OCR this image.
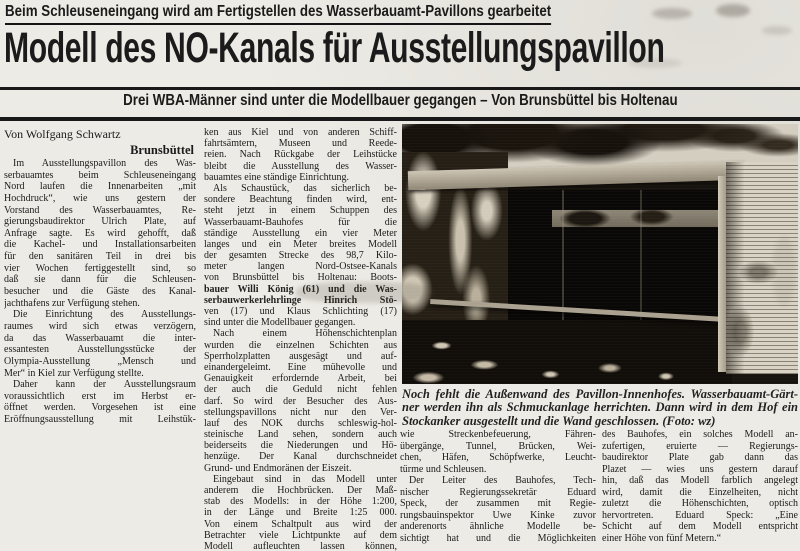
Beim Schleuseneingang wird am Fertigstellen des Wasserbauamt-Pavillons gearbeitet
Modell des NO-Kanals für Ausstellungspavillon
Drei WBA-Männer sind unter die Modellbauer gegangen – Von Brunsbüttel bis Holtenau
Von Wolfgang Schwartz
Brunsbüttel
Im Ausstellungspavillon des Was-
serbauamtes beim Schleuseneingang
Nord laufen die Innenarbeiten „mit
Hochdruck“, wie uns gestern der
Vorstand des Wasserbauamtes, Re-
gierungsbaudirektor Ulrich Plate, auf
Anfrage sagte. Es wird gehofft, daß
die Kachel- und Installationsarbeiten
für den sanitären Teil in drei bis
vier Wochen fertiggestellt sind, so
daß sie dann für die Schleusen-
besucher und die Gäste des Kanal-
jachthafens zur Verfügung stehen.
Die Einrichtung des Ausstellungs-
raumes wird sich etwas verzögern,
da das Wasserbauamt die inter-
essantesten Ausstellungsstücke der
Olympia-Ausstellung „Mensch und
Mer“ in Kiel zur Verfügung stellte.
Daher kann der Ausstellungsraum
voraussichtlich erst im Herbst er-
öffnet werden. Vorgesehen ist eine
Eröffnungsausstellung mit Leihstük-
ken aus Kiel und von anderen Schiff-
fahrtsämtern, Museen und Reede-
reien. Nach Rückgabe der Leihstücke
bleibt die Ausstellung des Wasser-
bauamtes eine ständige Einrichtung.
Als Schaustück, das sicherlich be-
sondere Beachtung finden wird, ent-
steht jetzt in einem Schuppen des
Wasserbauamt-Bauhofes für die
ständige Ausstellung ein vier Meter
langes und ein Meter breites Modell
der gesamten Strecke des 98,7 Kilo-
meter langen Nord-Ostsee-Kanals
von Brunsbüttel bis Holtenau: Boots-
bauer Willi König (61) und die Was-
serbauwerkerlehrlinge Hinrich Stö-
ven (17) und Klaus Schlichting (17)
sind unter die Modellbauer gegangen.
Nach einem Höhenschichtenplan
wurden die einzelnen Schichten aus
Sperrholzplatten ausgesägt und auf-
einandergeleimt. Eine mühevolle und
Genauigkeit erfordernde Arbeit, bei
der auch die Geduld nicht fehlen
darf. So wird der Besucher des Aus-
stellungspavillons nicht nur den Ver-
lauf des NOK durchs schleswig-hol-
steinische Land sehen, sondern auch
beiderseits die Niederungen und Hö-
henzüge. Der Kanal durchschneidet
Grund- und Endmoränen der Eiszeit.
Eingebaut sind in das Modell unter
anderem die Hochbrücken. Der Maß-
stab des Modells: in der Höhe 1:200,
in der Länge und Breite 1:25 000.
Von einem Schaltpult aus wird der
Betrachter viele Lichtpunkte auf dem
Modell aufleuchten lassen können,
Noch fehlt die Außenwand des Pavillon-Innenhofes. Wasserbauamt-Gärt-
ner werden ihn als Schmuckanlage herrichten. Dann wird in dem Hof ein
Stockanker ausgestellt und die Wand geschlossen. (Foto: wz)
wie Streckenbefeuerung, Fähren-
übergänge, Tunnel, Brücken, Wei-
chen, Häfen, Schöpfwerke, Leucht-
türme und Schleusen.
Der Leiter des Bauhofes, Tech-
nischer Regierungssekretär Eduard
Speck, der zusammen mit Regie-
rungsbauinspektor Uwe Kinke zuvor
anderenorts ähnliche Modelle be-
sichtigt hat und die Möglichkeiten
des Bauhofes, ein solches Modell an-
zufertigen, eruierte — Regierungs-
baudirektor Plate gab dann das
Plazet — wies uns gestern darauf
hin, daß das Modell farblich angelegt
wird, damit die Einzelheiten, nicht
zuletzt die Höhenschichten, optisch
hervortreten. Eduard Speck: „Eine
Schicht auf dem Modell entspricht
einer Höhe von fünf Metern.“
